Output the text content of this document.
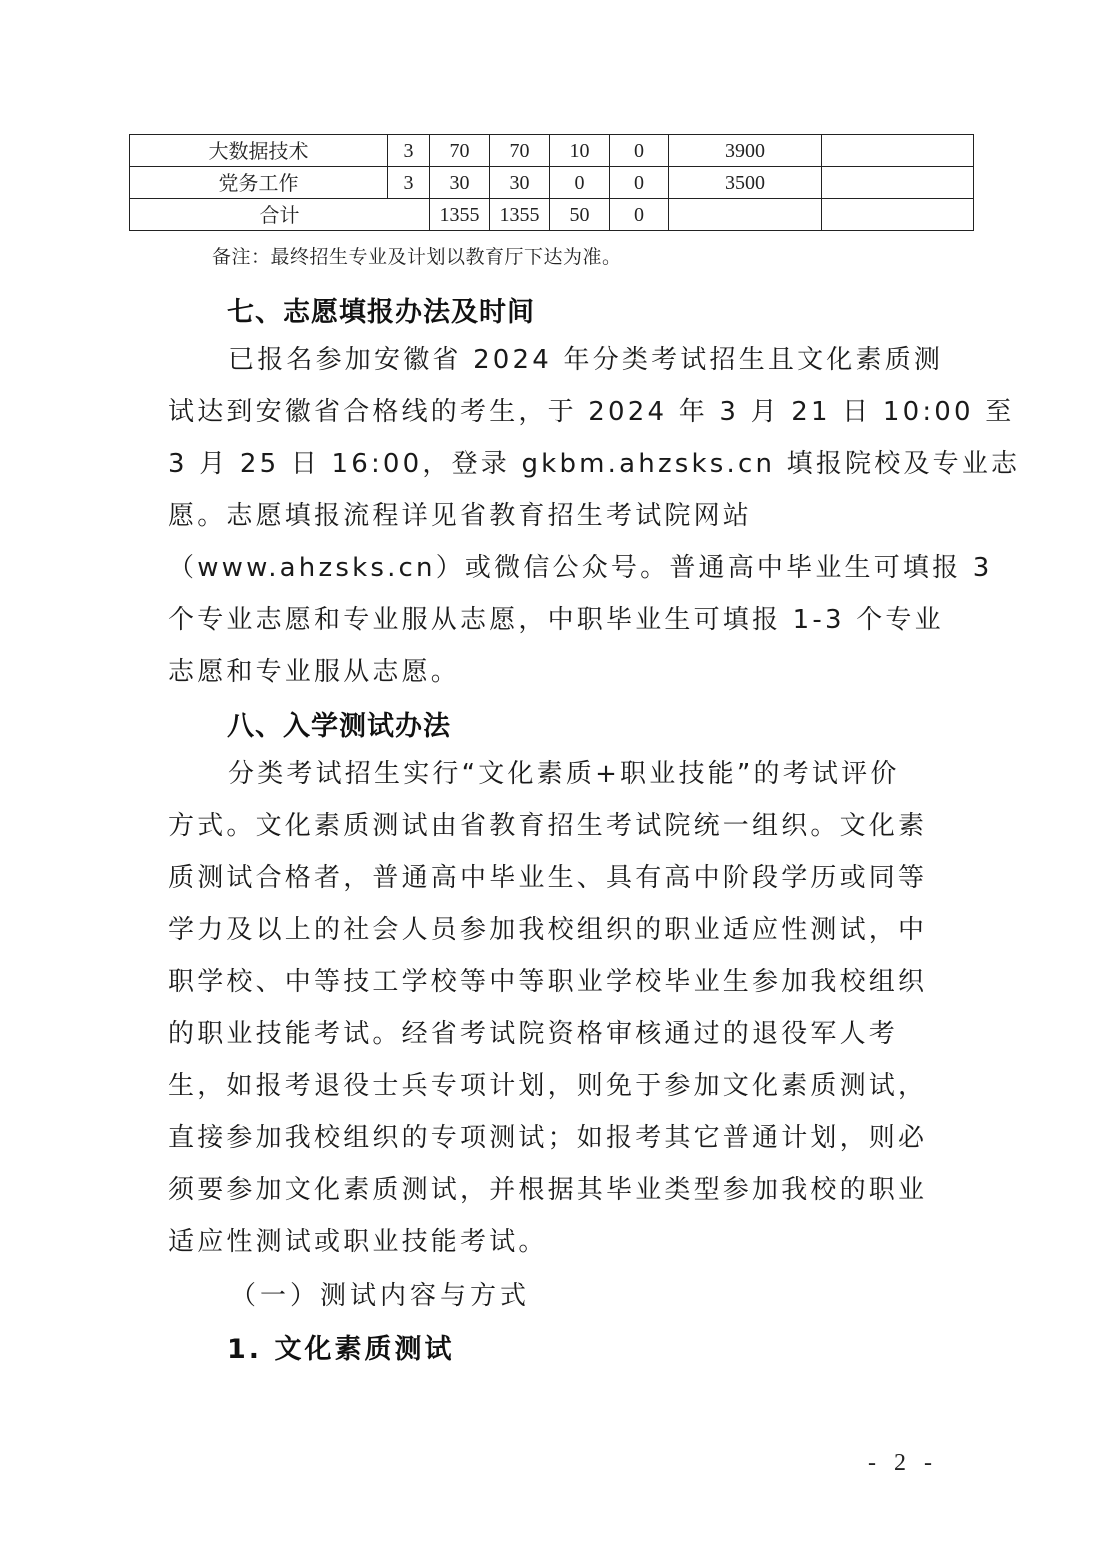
大数据技术	3	70	70	10	0	3900	
党务工作	3	30	30	0	0	3500	
合计		1355	1355	50	0		
备注：最终招生专业及计划以教育厅下达为准。
七、志愿填报办法及时间
已报名参加安徽省 2024 年分类考试招生且文化素质测
试达到安徽省合格线的考生，于 2024 年 3 月 21 日 10:00 至
3 月 25 日 16:00，登录 gkbm.ahzsks.cn 填报院校及专业志
愿。志愿填报流程详见省教育招生考试院网站
（www.ahzsks.cn）或微信公众号。普通高中毕业生可填报 3
个专业志愿和专业服从志愿，中职毕业生可填报 1-3 个专业
志愿和专业服从志愿。
八、入学测试办法
分类考试招生实行“文化素质+职业技能”的考试评价
方式。文化素质测试由省教育招生考试院统一组织。文化素
质测试合格者，普通高中毕业生、具有高中阶段学历或同等
学力及以上的社会人员参加我校组织的职业适应性测试，中
职学校、中等技工学校等中等职业学校毕业生参加我校组织
的职业技能考试。经省考试院资格审核通过的退役军人考
生，如报考退役士兵专项计划，则免于参加文化素质测试，
直接参加我校组织的专项测试；如报考其它普通计划，则必
须要参加文化素质测试，并根据其毕业类型参加我校的职业
适应性测试或职业技能考试。
（一）测试内容与方式
1. 文化素质测试
- 2 -
